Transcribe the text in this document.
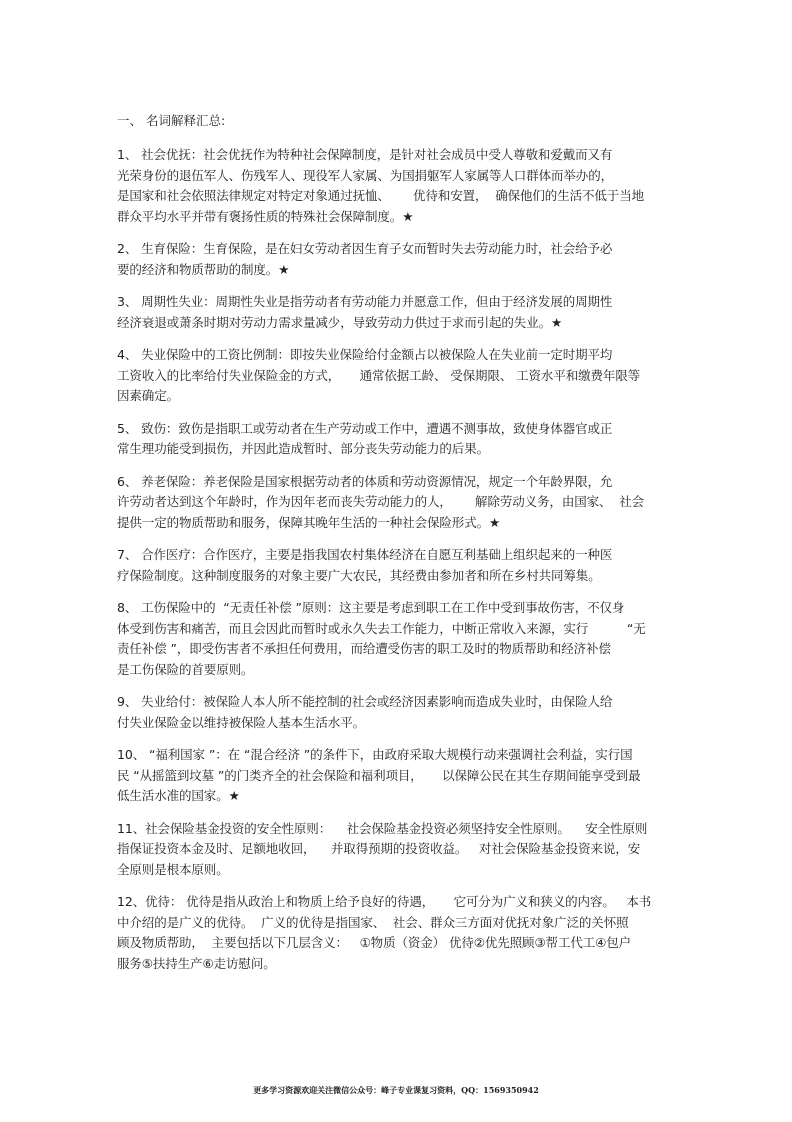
一、 名词解释汇总:
1、 社会优抚：社会优抚作为特种社会保障制度，是针对社会成员中受人尊敬和爱戴而又有
光荣身份的退伍军人、伤残军人、现役军人家属、为国捐躯军人家属等人口群体而举办的，
是国家和社会依照法律规定对特定对象通过抚恤、      优待和安置，  确保他们的生活不低于当地
群众平均水平并带有褒扬性质的特殊社会保障制度。★
2、 生育保险：生育保险，是在妇女劳动者因生育子女而暂时失去劳动能力时，社会给予必
要的经济和物质帮助的制度。★
3、 周期性失业：周期性失业是指劳动者有劳动能力并愿意工作，但由于经济发展的周期性
经济衰退或萧条时期对劳动力需求量减少，导致劳动力供过于求而引起的失业。★
4、 失业保险中的工资比例制：即按失业保险给付金额占以被保险人在失业前一定时期平均
工资收入的比率给付失业保险金的方式，     通常依据工龄、 受保期限、 工资水平和缴费年限等
因素确定。
5、 致伤：致伤是指职工或劳动者在生产劳动或工作中，遭遇不测事故，致使身体器官或正
常生理功能受到损伤，并因此造成暂时、部分丧失劳动能力的后果。
6、 养老保险：养老保险是国家根据劳动者的体质和劳动资源情况，规定一个年龄界限，允
许劳动者达到这个年龄时，作为因年老而丧失劳动能力的人，      解除劳动义务，由国家、  社会
提供一定的物质帮助和服务，保障其晚年生活的一种社会保险形式。★
7、 合作医疗：合作医疗，主要是指我国农村集体经济在自愿互利基础上组织起来的一种医
疗保险制度。这种制度服务的对象主要广大农民，其经费由参加者和所在乡村共同筹集。
8、 工伤保险中的  “无责任补偿 ”原则：这主要是考虑到职工在工作中受到事故伤害，不仅身
体受到伤害和痛苦，而且会因此而暂时或永久失去工作能力，中断正常收入来源，实行          “无
责任补偿 ”，即受伤害者不承担任何费用，而给遭受伤害的职工及时的物质帮助和经济补偿
是工伤保险的首要原则。
9、 失业给付：被保险人本人所不能控制的社会或经济因素影响而造成失业时，由保险人给
付失业保险金以维持被保险人基本生活水平。
10、 “福利国家 ”：在 “混合经济 ”的条件下，由政府采取大规模行动来强调社会利益，实行国
民 “从摇篮到坟墓 ”的门类齐全的社会保险和福利项目，     以保障公民在其生存期间能享受到最
低生活水准的国家。★
11、社会保险基金投资的安全性原则：    社会保险基金投资必须坚持安全性原则。    安全性原则
指保证投资本金及时、足额地收回，    并取得预期的投资收益。   对社会保险基金投资来说，安
全原则是根本原则。
12、优待： 优待是指从政治上和物质上给予良好的待遇，     它可分为广义和狭义的内容。   本书
中介绍的是广义的优待。  广义的优待是指国家、  社会、群众三方面对优抚对象广泛的关怀照
顾及物质帮助，  主要包括以下几层含义：   ①物质（资金） 优待②优先照顾③帮工代工④包户
服务⑤扶持生产⑥走访慰问。
更多学习资源欢迎关注微信公众号：峰子专业课复习资料，QQ：1569350942
